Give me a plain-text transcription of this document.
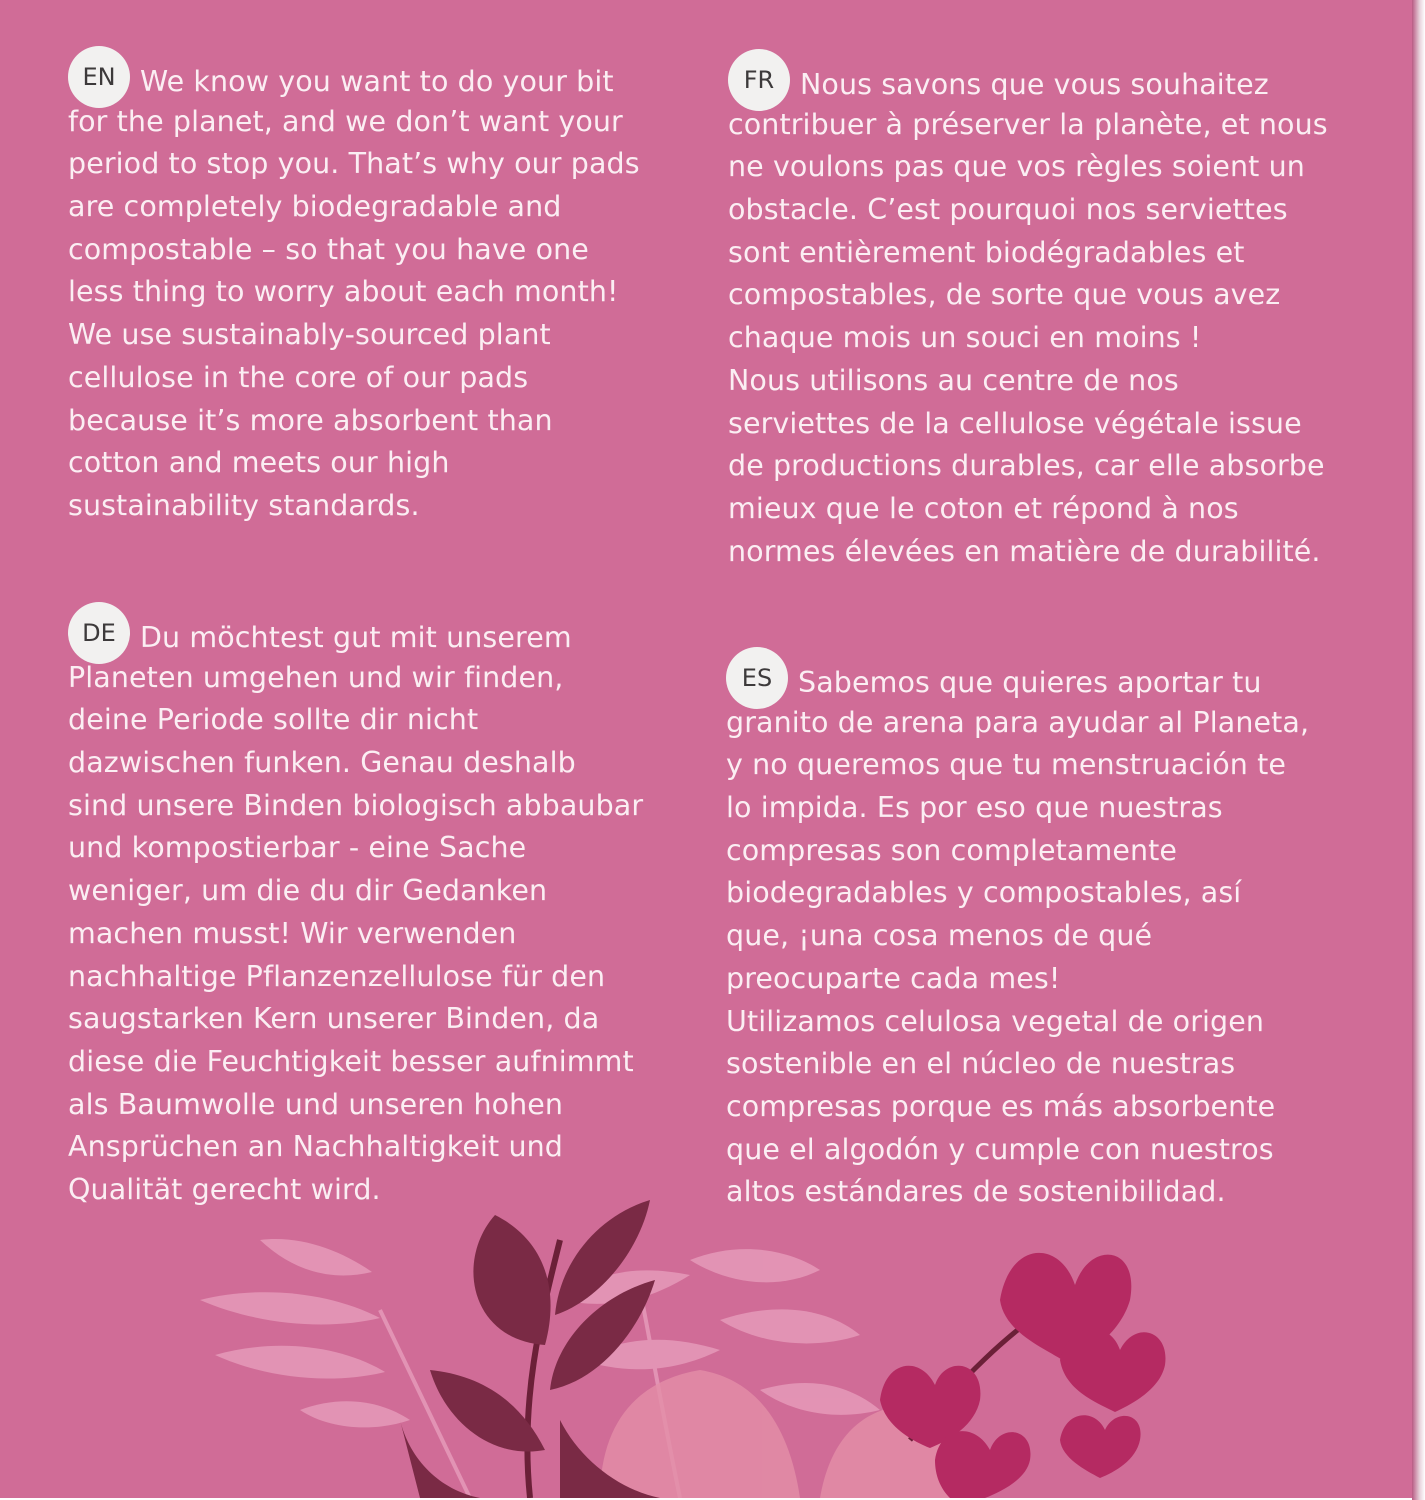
EN We know you want to do your bit
for the planet, and we don’t want your
period to stop you. That’s why our pads
are completely biodegradable and
compostable – so that you have one
less thing to worry about each month!
We use sustainably-sourced plant
cellulose in the core of our pads
because it’s more absorbent than
cotton and meets our high
sustainability standards.
FR Nous savons que vous souhaitez
contribuer à préserver la planète, et nous
ne voulons pas que vos règles soient un
obstacle. C’est pourquoi nos serviettes
sont entièrement biodégradables et
compostables, de sorte que vous avez
chaque mois un souci en moins !
Nous utilisons au centre de nos
serviettes de la cellulose végétale issue
de productions durables, car elle absorbe
mieux que le coton et répond à nos
normes élevées en matière de durabilité.
DE Du möchtest gut mit unserem
Planeten umgehen und wir finden,
deine Periode sollte dir nicht
dazwischen funken. Genau deshalb
sind unsere Binden biologisch abbaubar
und kompostierbar - eine Sache
weniger, um die du dir Gedanken
machen musst! Wir verwenden
nachhaltige Pflanzenzellulose für den
saugstarken Kern unserer Binden, da
diese die Feuchtigkeit besser aufnimmt
als Baumwolle und unseren hohen
Ansprüchen an Nachhaltigkeit und
Qualität gerecht wird.
ES Sabemos que quieres aportar tu
granito de arena para ayudar al Planeta,
y no queremos que tu menstruación te
lo impida. Es por eso que nuestras
compresas son completamente
biodegradables y compostables, así
que, ¡una cosa menos de qué
preocuparte cada mes!
Utilizamos celulosa vegetal de origen
sostenible en el núcleo de nuestras
compresas porque es más absorbente
que el algodón y cumple con nuestros
altos estándares de sostenibilidad.
